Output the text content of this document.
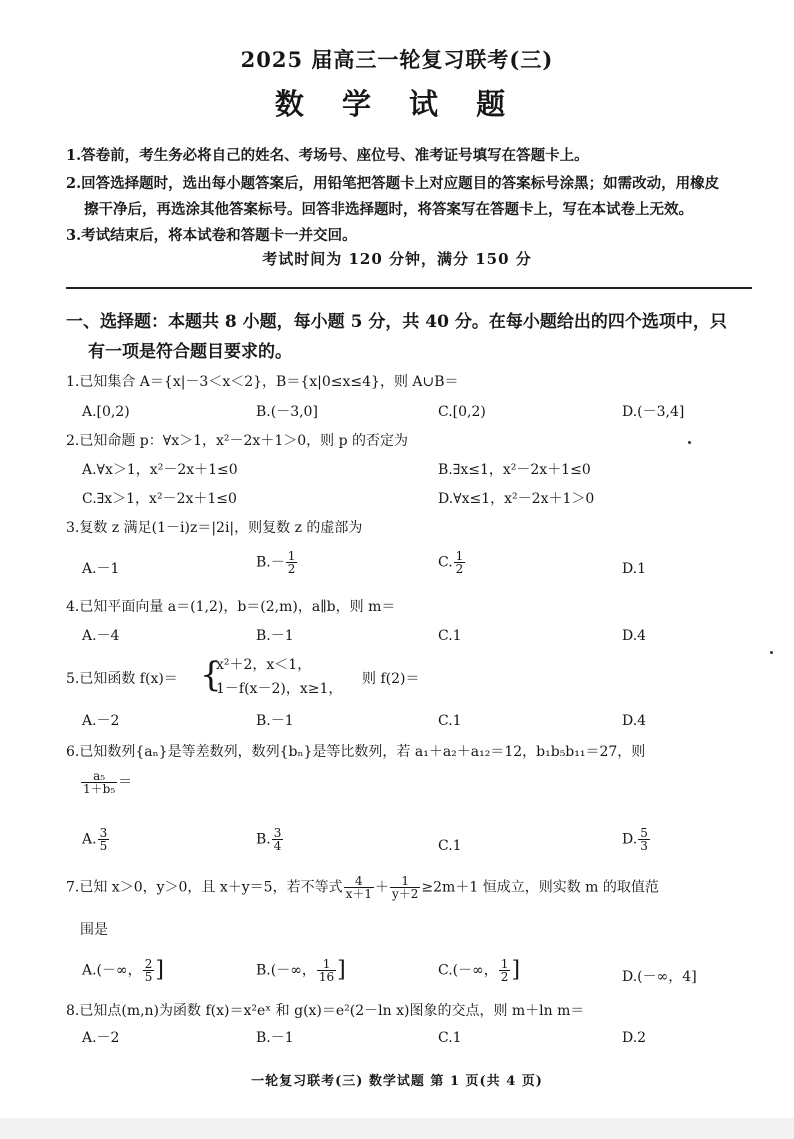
2025 届高三一轮复习联考(三)
数 学 试 题
1.答卷前，考生务必将自己的姓名、考场号、座位号、准考证号填写在答题卡上。
2.回答选择题时，选出每小题答案后，用铅笔把答题卡上对应题目的答案标号涂黑；如需改动，用橡皮
擦干净后，再选涂其他答案标号。回答非选择题时，将答案写在答题卡上，写在本试卷上无效。
3.考试结束后，将本试卷和答题卡一并交回。
考试时间为 120 分钟，满分 150 分
一、选择题：本题共 8 小题，每小题 5 分，共 40 分。在每小题给出的四个选项中，只
有一项是符合题目要求的。
1.已知集合 A＝{x|－3＜x＜2}，B＝{x|0≤x≤4}，则 A∪B＝
A.[0,2)	B.(－3,0]	C.[0,2)	D.(－3,4]
2.已知命题 p：∀x＞1，x²－2x＋1＞0，则 p 的否定为
A.∀x＞1，x²－2x＋1≤0	B.∃x≤1，x²－2x＋1≤0
C.∃x＞1，x²－2x＋1≤0	D.∀x≤1，x²－2x＋1＞0
3.复数 z 满足(1－i)z＝|2i|，则复数 z 的虚部为
A.－1	$B.- \frac{1}{2}$	C. $\frac{1}{2}$	D.1
4.已知平面向量 a＝(1,2)，b＝(2,m)，a∥b，则 m＝
A.－4	B.－1	C.1	D.4
5.已知函数 f(x)＝ {
x²＋2，x＜1，
1－f(x－2)，x≥1，
则 f(2)＝
A.－2	B.－1	C.1	D.4
6.已知数列{aₙ}是等差数列，数列{bₙ}是等比数列，若 a₁＋a₂＋a₁₂＝12，b₁b₅b₁₁＝27，则
$\frac{\text{a₅}}{\text{1＋b₅}}$ ＝
A. $\frac{3}{5}$	B. $\frac{3}{4}$	C.1	D. $\frac{5}{3}$
7.已知 x＞0，y＞0，且 x＋y＝5，若不等式 $\frac{4}{x+1} + \frac{1}{y+2} \ge 2m+1$ 恒成立，则实数 m 的取值范
围是
A.(－∞， $\frac{2}{5}$ ]	B.(－∞， $\frac{1}{16}$ ]	C.(－∞， $\frac{1}{2}$ ]	D.(－∞，4]
8.已知点(m,n)为函数 f(x)＝x²eˣ 和 g(x)＝e²(2－ln x)图象的交点，则 m＋ln m＝
A.－2	B.－1	C.1	D.2
一轮复习联考(三) 数学试题 第 1 页(共 4 页)
